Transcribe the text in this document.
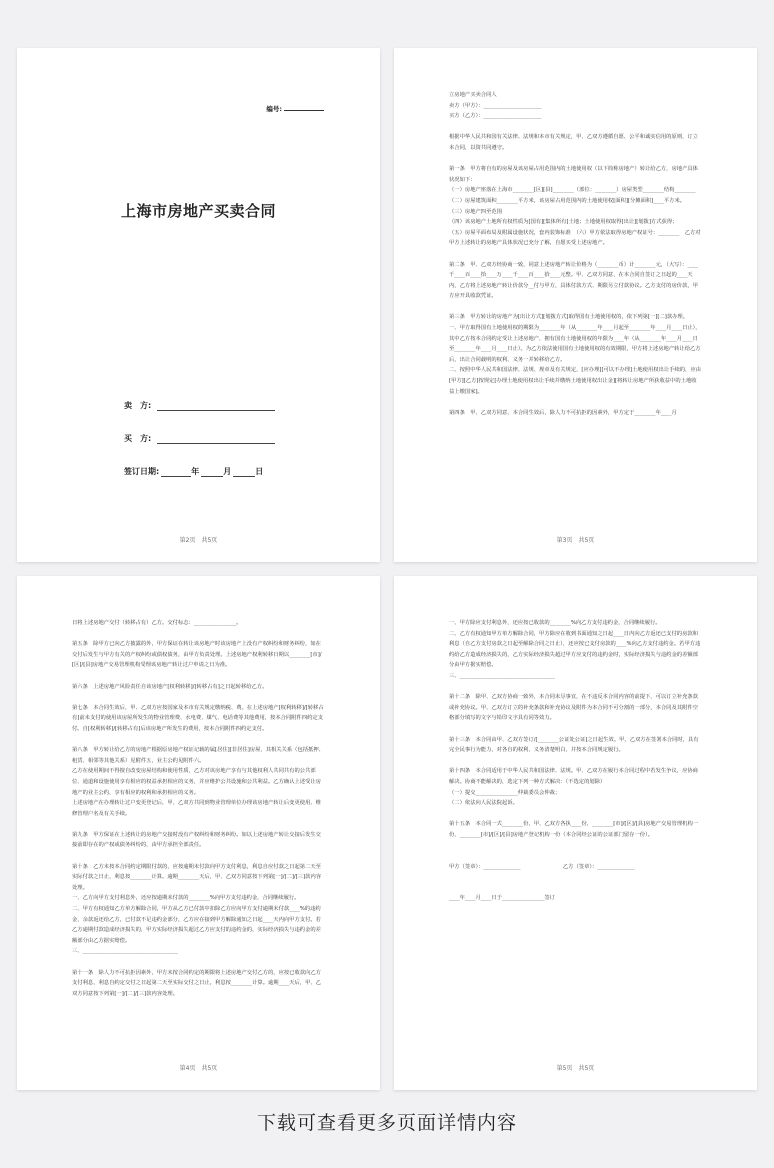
编号:
上海市房地产买卖合同
卖　方:
买　方:
签订日期:	年	月	日
第2页　共5页
立房地产买卖合同人
卖方（甲方）：______________________
买方（乙方）：______________________

根据中华人民共和国有关法律、法规和本市有关规定，甲、乙双方遵循自愿、公平和诚实信用的原则，订立本合同，以资共同遵守。

第一条　甲方将自有的房屋及该房屋占用范围内的土地使用权（以下简称房地产）转让给乙方，房地产具体状况如下：
（一）房地产座落在上海市________[区][县]________（部位：________）房屋类型________结构________
（二）房屋建筑面积________平方米，该房屋占用范围内的土地使用权[面积][分摊面积]____平方米。
（三）房地产四至范围
（四）该房地产土地所有权性质为[国有][集体所有]土地；土地使用权取得[出让][划拨]方式获得；
（五）房屋平面布局及附属设施状况，套内装饰标准　（六）甲方依法取得房地产权证号：________　乙方对甲方上述转让的房地产具体状况已充分了解，自愿买受上述房地产。

第二条　甲、乙双方经协商一致，同意上述房地产转让价格为（________币）计________元，（大写）：____千____百____拾____万____千____百____拾____元整。甲、乙双方同意，在本合同自签订之日起的____天内，乙方将上述房地产转让价款分__付与甲方，具体付款方式、期限另立付款协议。乙方支付的房价款，甲方应开具收款凭证。

第三条　甲方转让的房地产为[出让方式][划拨方式]取得国有土地使用权的，依下列第[一][二]款办理。
一、甲方取得国有土地使用权的期限为________年（从________年____月起至________年____月____日止），其中乙方按本合同约定受让上述房地产，拥有国有土地使用权的年限为____年（从________年____月____日至________年____月____日止）。为乙方依法使用国有土地使用权的有效期限，甲方将上述房地产转让给乙方后，出让合同载明的权利、义务一并转移给乙方。
二、按照中华人民共和国法律、法规、规章及有关规定，[应办理][可以不办理]土地使用权出让手续的，应由[甲方][乙方]按规定[办理土地使用权出让手续并缴纳土地使用权出让金][将转让房地产所获收益中的土地收益上缴国家]。

第四条　甲、乙双方同意，本合同生效后，除人力不可抗拒的因素外，甲方定于________年____月
第3页　共5页
日将上述房地产交付（转移占有）乙方。交付标志：________________。

第五条　除甲方已向乙方披露的外，甲方保证在转让该房地产时该房地产上没有产权纠纷和财务纠纷，如在交付后发生与甲方有关的产权纠纷或债权债务，由甲方负责处理。上述房地产权利转移日期以________[市]/[区]/[县]房地产交易管理机构受理该房地产转让过户申请之日为准。

第六条　上述房地产风险责任自该房地产[权利转移]/[转移占有]之日起转移给乙方。

第七条　本合同生效后，甲、乙双方应按国家及本市有关规定缴纳税、费。在上述房地产[权利转移]/[转移占有]前未支付的使用该房屋所发生的物业管理费、水电费、煤气、电话费等其他费用，按本合同附件四约定支付。自[权利转移]/[转移占有]后该房地产所发生的费用，按本合同附件四约定支付。

第八条　甲方转让给乙方的房地产根据原房地产权证记载的属[居住][非居住]房屋，其相关关系（包括抵押、租赁、相邻等其他关系）见附件五，业主公约见附件六。
乙方在使用期间不得擅自改变房屋结构和使用性质，乙方对该房地产享有与其他权利人共同共有的公共部位、通道和设施使用享有相应的权益承担相应的义务，并应维护公共设施和公共利益。乙方确认上述受让房地产的业主公约，享有相应的权利和承担相应的义务。
上述房地产在办理转让过户变更登记后，甲、乙双方共同到物业管理单位办理该房地产转让后变更使用、维修管理户名及有关手续。

第九条　甲方保证在上述转让的房地产交接时没有产权纠纷和财务纠纷。如以上述房地产转让交接后发生交接前即存在的产权或债务纠纷的，由甲方承担全部责任。

第十条　乙方未按本合同约定期限付款的，应按逾期未付款向甲方支付利息，利息自应付款之日起第二天至实际付款之日止，利息按________计算。逾期________天后，甲、乙双方同意按下列第[一]/[二]/[三]款内容处理。
一、乙方向甲方支付利息外，还应按逾期未付款的________%向甲方支付违约金，合同继续履行。
二、甲方有权通知乙方单方解除合同，甲方从乙方已付款中扣除乙方应向甲方支付逾期未付款____%的违约金，余款返还给乙方，已付款不足违约金部分，乙方应在接到甲方解除通知之日起____天内向甲方支付。若乙方逾期付款造成经济损失的，甲方实际经济损失超过乙方应支付的违约金的，实际经济损失与违约金的差额部分由乙方据实赔偿。
三、____________________________________

第十一条　除人力不可抗拒因素外，甲方未按合同约定的期限将上述房地产交付乙方的，应按已收款向乙方支付利息，利息自约定交付之日起第二天至实际交付之日止，利息按________计算。逾期____天后，甲、乙双方同意按下列第[一]/[二]/[三]款内容处理。
第4页　共5页
一、甲方除应支付利息外，还应按已收款的________%向乙方支付违约金，合同继续履行。
二、乙方有权通知甲方单方解除合同，甲方除应在收到书面通知之日起____日内向乙方返还已支付的房款和利息（自乙方支付房款之日起至解除合同之日止），还应按已支付房款的____%向乙方支付违约金。若甲方违约给乙方造成经济损失的，乙方实际经济损失超过甲方应支付的违约金时，实际经济损失与违约金的差额部分由甲方据实赔偿。
三、____________________________________

第十二条　除甲、乙双方协商一致外，本合同未尽事宜，在不违反本合同内容的前提下，可以订立补充条款或补充协议。甲、乙双方订立的补充条款和补充协议及附件为本合同不可分割的一部分，本合同及其附件空格部分填写的文字与铅印文字具有同等效力。

第十三条　本合同由甲、乙双方签订/[________公证处公证]之日起生效。甲、乙双方在签署本合同时，具有完全民事行为能力，对各自的权利、义务清楚明白，并按本合同规定履行。

第十四条　本合同适用于中华人民共和国法律、法规。甲、乙双方在履行本合同过程中若发生争议，应协商解决。协商不能解决的，选定下列一种方式解决：（不选定的划除）
（一）提交________________仲裁委员会仲裁；
（二）依法向人民法院起诉。

第十五条　本合同一式________份，甲、乙双方各执____份，________[市]/[区]/[县]房地产交易管理机构一份，________[市]/[区]/[县]房地产登记机构一份（本合同经公证的公证部门留存一份）。

甲方（签章）：______________　　　　　　　　乙方（签章）：______________

____年____月____日于________________签订
第5页　共5页
下载可查看更多页面详情内容
